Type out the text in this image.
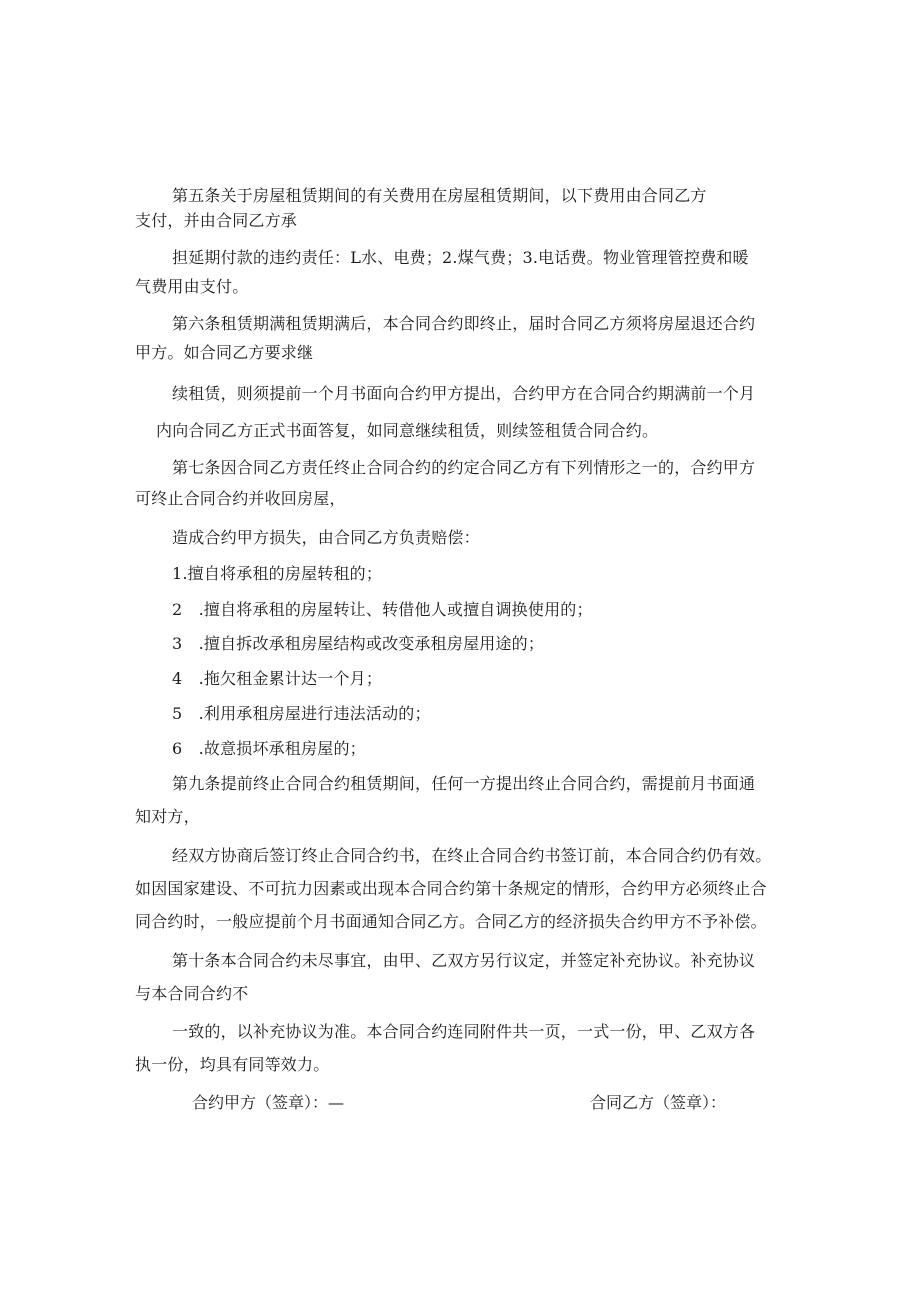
第五条关于房屋租赁期间的有关费用在房屋租赁期间，以下费用由合同乙方
支付，并由合同乙方承
担延期付款的违约责任：L水、电费；2.煤气费；3.电话费。物业管理管控费和暖
气费用由支付。
第六条租赁期满租赁期满后，本合同合约即终止，届时合同乙方须将房屋退还合约
甲方。如合同乙方要求继
续租赁，则须提前一个月书面向合约甲方提出，合约甲方在合同合约期满前一个月
内向合同乙方正式书面答复，如同意继续租赁，则续签租赁合同合约。
第七条因合同乙方责任终止合同合约的约定合同乙方有下列情形之一的，合约甲方
可终止合同合约并收回房屋，
造成合约甲方损失，由合同乙方负责赔偿：
1.擅自将承租的房屋转租的；
2　.擅自将承租的房屋转让、转借他人或擅自调换使用的；
3　.擅自拆改承租房屋结构或改变承租房屋用途的；
4　.拖欠租金累计达一个月；
5　.利用承租房屋进行违法活动的；
6　.故意损坏承租房屋的；
第九条提前终止合同合约租赁期间，任何一方提出终止合同合约，需提前月书面通
知对方，
经双方协商后签订终止合同合约书，在终止合同合约书签订前，本合同合约仍有效。
如因国家建设、不可抗力因素或出现本合同合约第十条规定的情形，合约甲方必须终止合
同合约时，一般应提前个月书面通知合同乙方。合同乙方的经济损失合约甲方不予补偿。
第十条本合同合约未尽事宜，由甲、乙双方另行议定，并签定补充协议。补充协议
与本合同合约不
一致的，以补充协议为准。本合同合约连同附件共一页，一式一份，甲、乙双方各
执一份，均具有同等效力。
合约甲方（签章）：—	合同乙方（签章）：
